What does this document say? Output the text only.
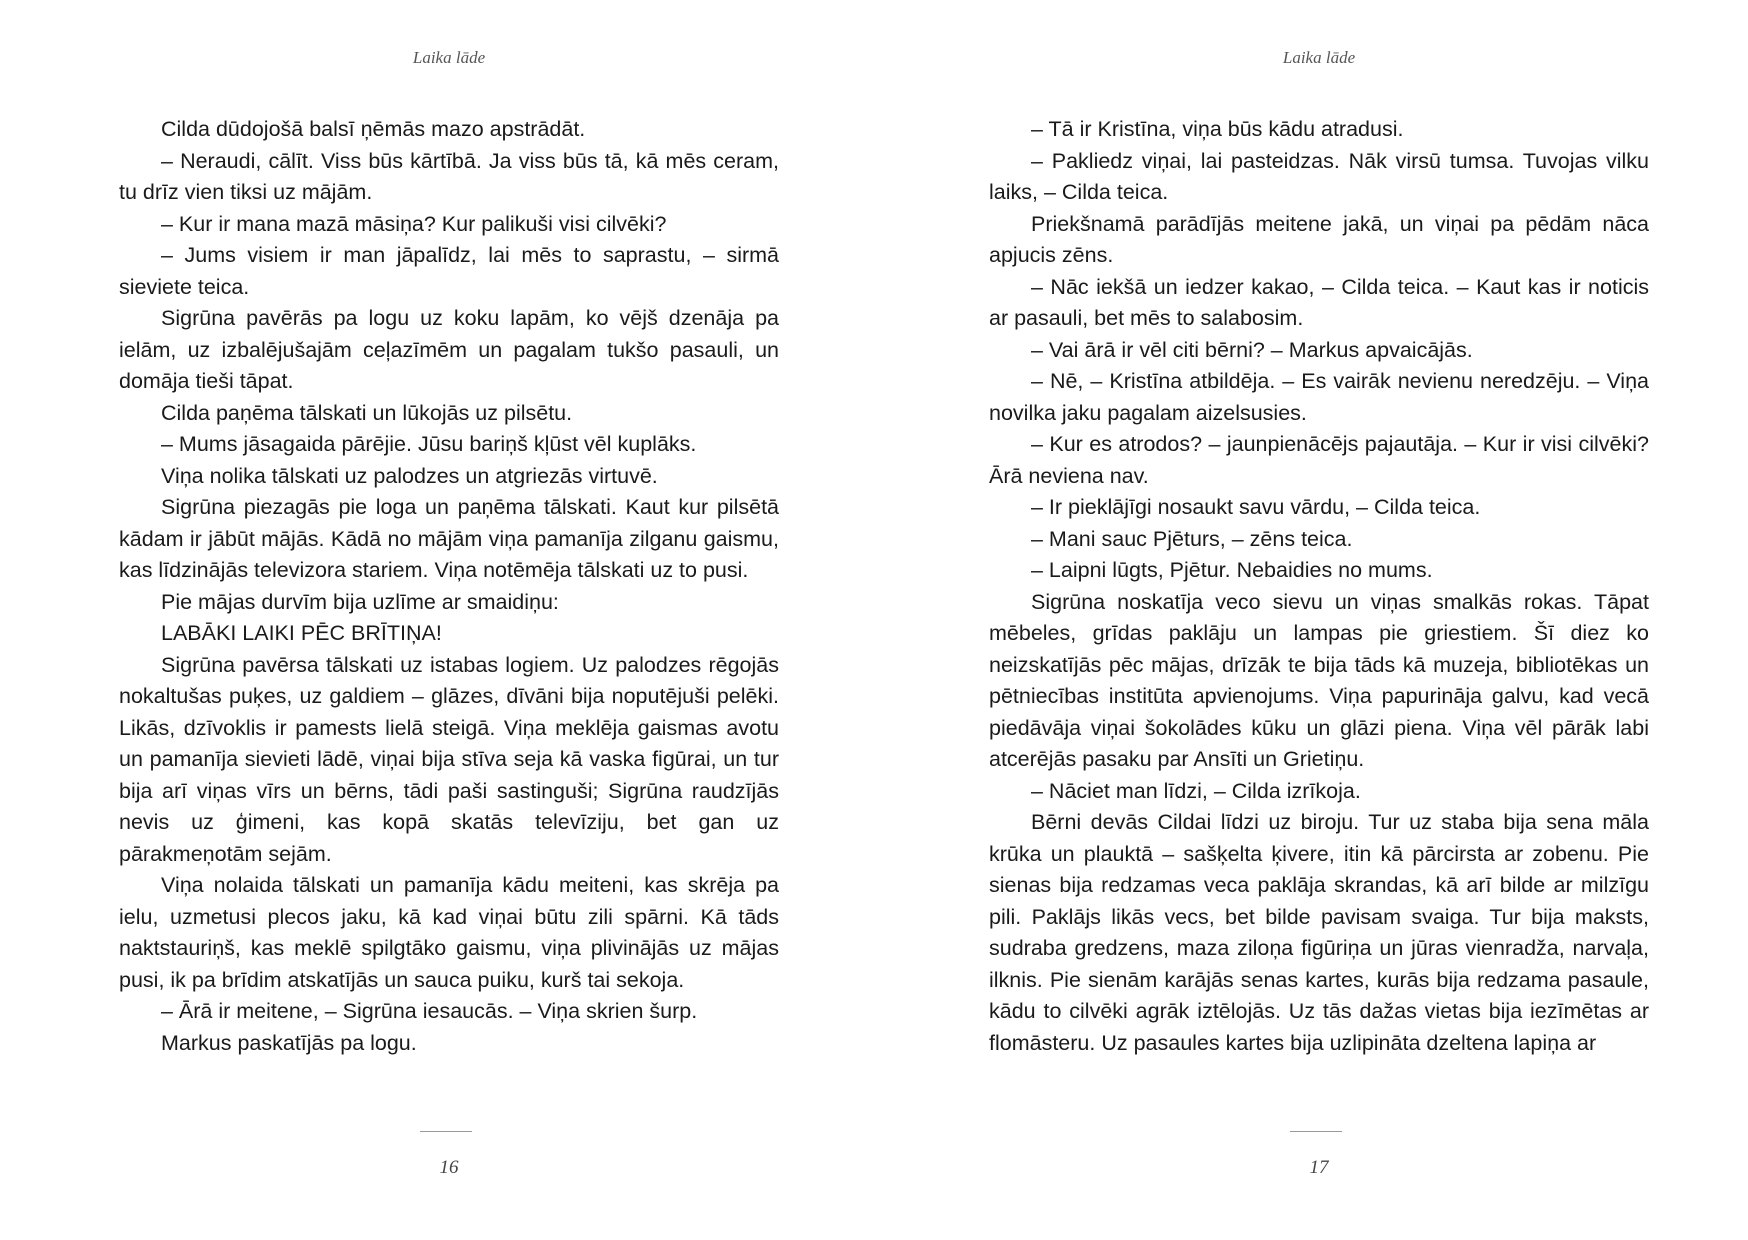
Laika lāde

Cilda dūdojošā balsī ņēmās mazo apstrādāt.

– Neraudi, cālīt. Viss būs kārtībā. Ja viss būs tā, kā mēs ceram, tu drīz vien tiksi uz mājām.

– Kur ir mana mazā māsiņa? Kur palikuši visi cilvēki?

– Jums visiem ir man jāpalīdz, lai mēs to saprastu, – sirmā sieviete teica.

Sigrūna pavērās pa logu uz koku lapām, ko vējš dzenāja pa ielām, uz izbalējušajām ceļazīmēm un pagalam tukšo pasauli, un domāja tieši tāpat.

Cilda paņēma tālskati un lūkojās uz pilsētu.

– Mums jāsagaida pārējie. Jūsu bariņš kļūst vēl kuplāks.

Viņa nolika tālskati uz palodzes un atgriezās virtuvē.

Sigrūna piezagās pie loga un paņēma tālskati. Kaut kur pilsētā kādam ir jābūt mājās. Kādā no mājām viņa pamanīja zilganu gaismu, kas līdzinājās televizora stariem. Viņa notēmēja tālskati uz to pusi.

Pie mājas durvīm bija uzlīme ar smaidiņu:

LABĀKI LAIKI PĒC BRĪTIŅA!

Sigrūna pavērsa tālskati uz istabas logiem. Uz palodzes rēgojās nokaltušas puķes, uz galdiem – glāzes, dīvāni bija noputējuši pelēki. Likās, dzīvoklis ir pamests lielā steigā. Viņa meklēja gaismas avotu un pamanīja sievieti lādē, viņai bija stīva seja kā vaska figūrai, un tur bija arī viņas vīrs un bērns, tādi paši sastinguši; Sigrūna raudzījās nevis uz ģimeni, kas kopā skatās televīziju, bet gan uz pārakmeņotām sejām.

Viņa nolaida tālskati un pamanīja kādu meiteni, kas skrēja pa ielu, uzmetusi plecos jaku, kā kad viņai būtu zili spārni. Kā tāds naktstauriņš, kas meklē spilgtāko gaismu, viņa plivinājās uz mājas pusi, ik pa brīdim atskatījās un sauca puiku, kurš tai sekoja.

– Ārā ir meitene, – Sigrūna iesaucās. – Viņa skrien šurp.

Markus paskatījās pa logu.

16
Laika lāde

– Tā ir Kristīna, viņa būs kādu atradusi.

– Pakliedz viņai, lai pasteidzas. Nāk virsū tumsa. Tuvojas vilku laiks, – Cilda teica.

Priekšnamā parādījās meitene jakā, un viņai pa pēdām nāca apjucis zēns.

– Nāc iekšā un iedzer kakao, – Cilda teica. – Kaut kas ir noticis ar pasauli, bet mēs to salabosim.

– Vai ārā ir vēl citi bērni? – Markus apvaicājās.

– Nē, – Kristīna atbildēja. – Es vairāk nevienu neredzēju. – Viņa novilka jaku pagalam aizelsusies.

– Kur es atrodos? – jaunpienācējs pajautāja. – Kur ir visi cilvēki? Ārā neviena nav.

– Ir pieklājīgi nosaukt savu vārdu, – Cilda teica.

– Mani sauc Pjēturs, – zēns teica.

– Laipni lūgts, Pjētur. Nebaidies no mums.

Sigrūna noskatīja veco sievu un viņas smalkās rokas. Tāpat mēbeles, grīdas paklāju un lampas pie griestiem. Šī diez ko neizskatījās pēc mājas, drīzāk te bija tāds kā muzeja, bibliotēkas un pētniecības institūta apvienojums. Viņa papurināja galvu, kad vecā piedāvāja viņai šokolādes kūku un glāzi piena. Viņa vēl pārāk labi atcerējās pasaku par Ansīti un Grietiņu.

– Nāciet man līdzi, – Cilda izrīkoja.

Bērni devās Cildai līdzi uz biroju. Tur uz staba bija sena māla krūka un plauktā – sašķelta ķivere, itin kā pārcirsta ar zobenu. Pie sienas bija redzamas veca paklāja skrandas, kā arī bilde ar milzīgu pili. Paklājs likās vecs, bet bilde pavisam svaiga. Tur bija maksts, sudraba gredzens, maza ziloņa figūriņa un jūras vienradža, narvaļa, ilknis. Pie sienām karājās senas kartes, kurās bija redzama pasaule, kādu to cilvēki agrāk iztēlojās. Uz tās dažas vietas bija iezīmētas ar flomāsteru. Uz pasaules kartes bija uzlipināta dzeltena lapiņa ar

17
